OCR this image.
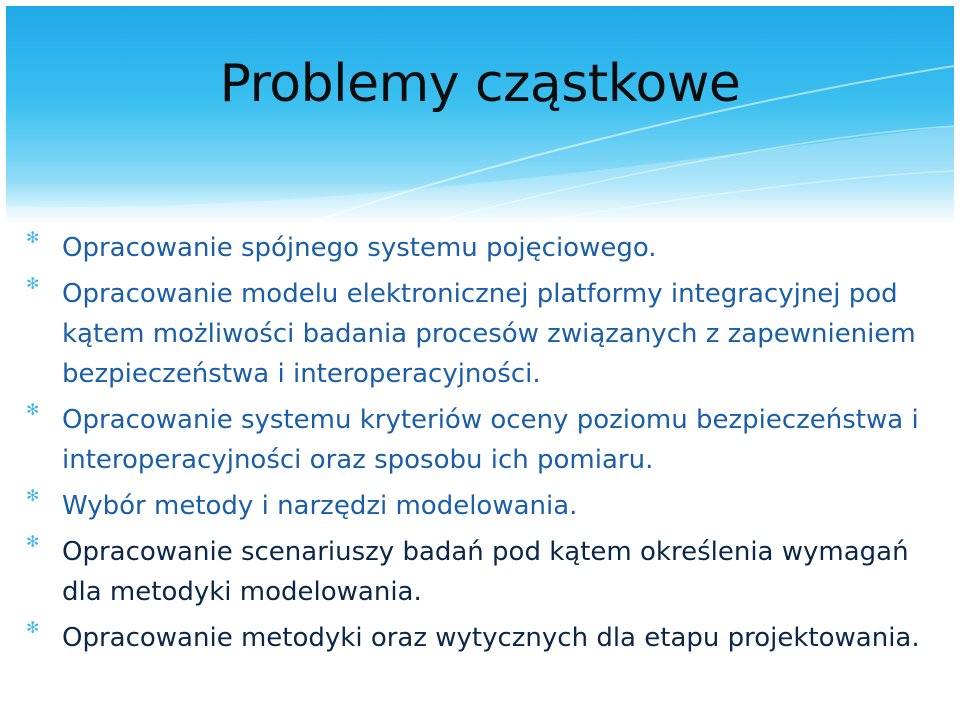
Problemy cząstkowe
✻ Opracowanie spójnego systemu pojęciowego.
✻ Opracowanie modelu elektronicznej platformy integracyjnej pod kątem możliwości badania procesów związanych z zapewnieniem bezpieczeństwa i interoperacyjności.
✻ Opracowanie systemu kryteriów oceny poziomu bezpieczeństwa i interoperacyjności oraz sposobu ich pomiaru.
✻ Wybór metody i narzędzi modelowania.
✻ Opracowanie scenariuszy badań pod kątem określenia wymagań dla metodyki modelowania.
✻ Opracowanie metodyki oraz wytycznych dla etapu projektowania.
